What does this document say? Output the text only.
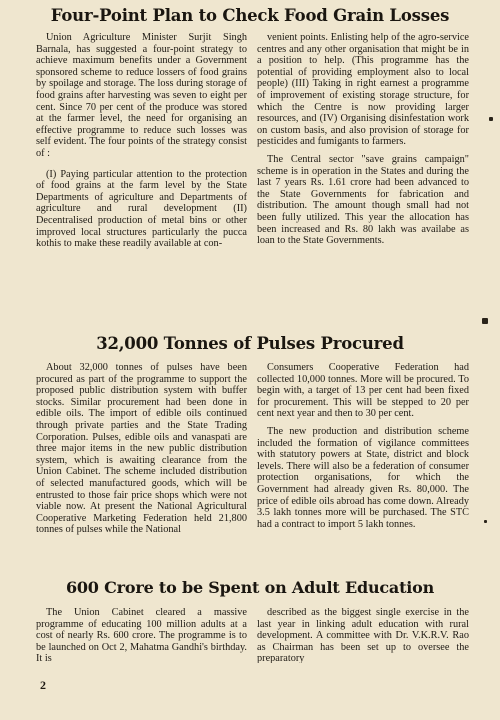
Four-Point Plan to Check Food Grain Losses

Union Agriculture Minister Surjit Singh Barnala, has suggested a four-point strategy to achieve maximum benefits under a Government sponsored scheme to reduce lossers of food grains by spoilage and storage. The loss during storage of food grains after harvesting was seven to eight per cent. Since 70 per cent of the produce was stored at the farmer level, the need for organising an effective programme to reduce such losses was self evident. The four points of the strategy consist of :

(I) Paying particular attention to the protection of food grains at the farm level by the State Departments of agriculture and Departments of agriculture and rural development (II) Decentralised production of metal bins or other improved local structures particularly the pucca kothis to make these readily available at con-

venient points. Enlisting help of the agro-service centres and any other organisation that might be in a position to help. (This programme has the potential of providing employment also to local people) (III) Taking in right earnest a programme of improvement of existing storage structure, for which the Centre is now providing larger resources, and (IV) Organising disinfestation work on custom basis, and also provision of storage for pesticides and fumigants to farmers.

The Central sector "save grains campaign" scheme is in operation in the States and during the last 7 years Rs. 1.61 crore had been advanced to the State Governments for fabrication and distribution. The amount though small had not been fully utilized. This year the allocation has been increased and Rs. 80 lakh was availabe as loan to the State Governments.

32,000 Tonnes of Pulses Procured

About 32,000 tonnes of pulses have been procured as part of the programme to support the proposed public distribution system with buffer stocks. Similar procurement had been done in edible oils. The import of edible oils continued through private parties and the State Trading Corporation. Pulses, edible oils and vanaspati are three major items in the new public distribution system, which is awaiting clearance from the Union Cabinet. The scheme included distribution of selected manufactured goods, which will be entrusted to those fair price shops which were not viable now. At present the National Agricultural Cooperative Marketing Federation held 21,800 tonnes of pulses while the National

Consumers Cooperative Federation had collected 10,000 tonnes. More will be procured. To begin with, a target of 13 per cent had been fixed for procurement. This will be stepped to 20 per cent next year and then to 30 per cent.

The new production and distribution scheme included the formation of vigilance committees with statutory powers at State, district and block levels. There will also be a federation of consumer protection organisations, for which the Government had already given Rs. 80,000. The price of edible oils abroad has come down. Already 3.5 lakh tonnes more will be purchased. The STC had a contract to import 5 lakh tonnes.

600 Crore to be Spent on Adult Education

The Union Cabinet cleared a massive programme of educating 100 million adults at a cost of nearly Rs. 600 crore. The programme is to be launched on Oct 2, Mahatma Gandhi's birthday. It is

described as the biggest single exercise in the last year in linking adult education with rural development. A committee with Dr. V.K.R.V. Rao as Chairman has been set up to oversee the preparatory

2
